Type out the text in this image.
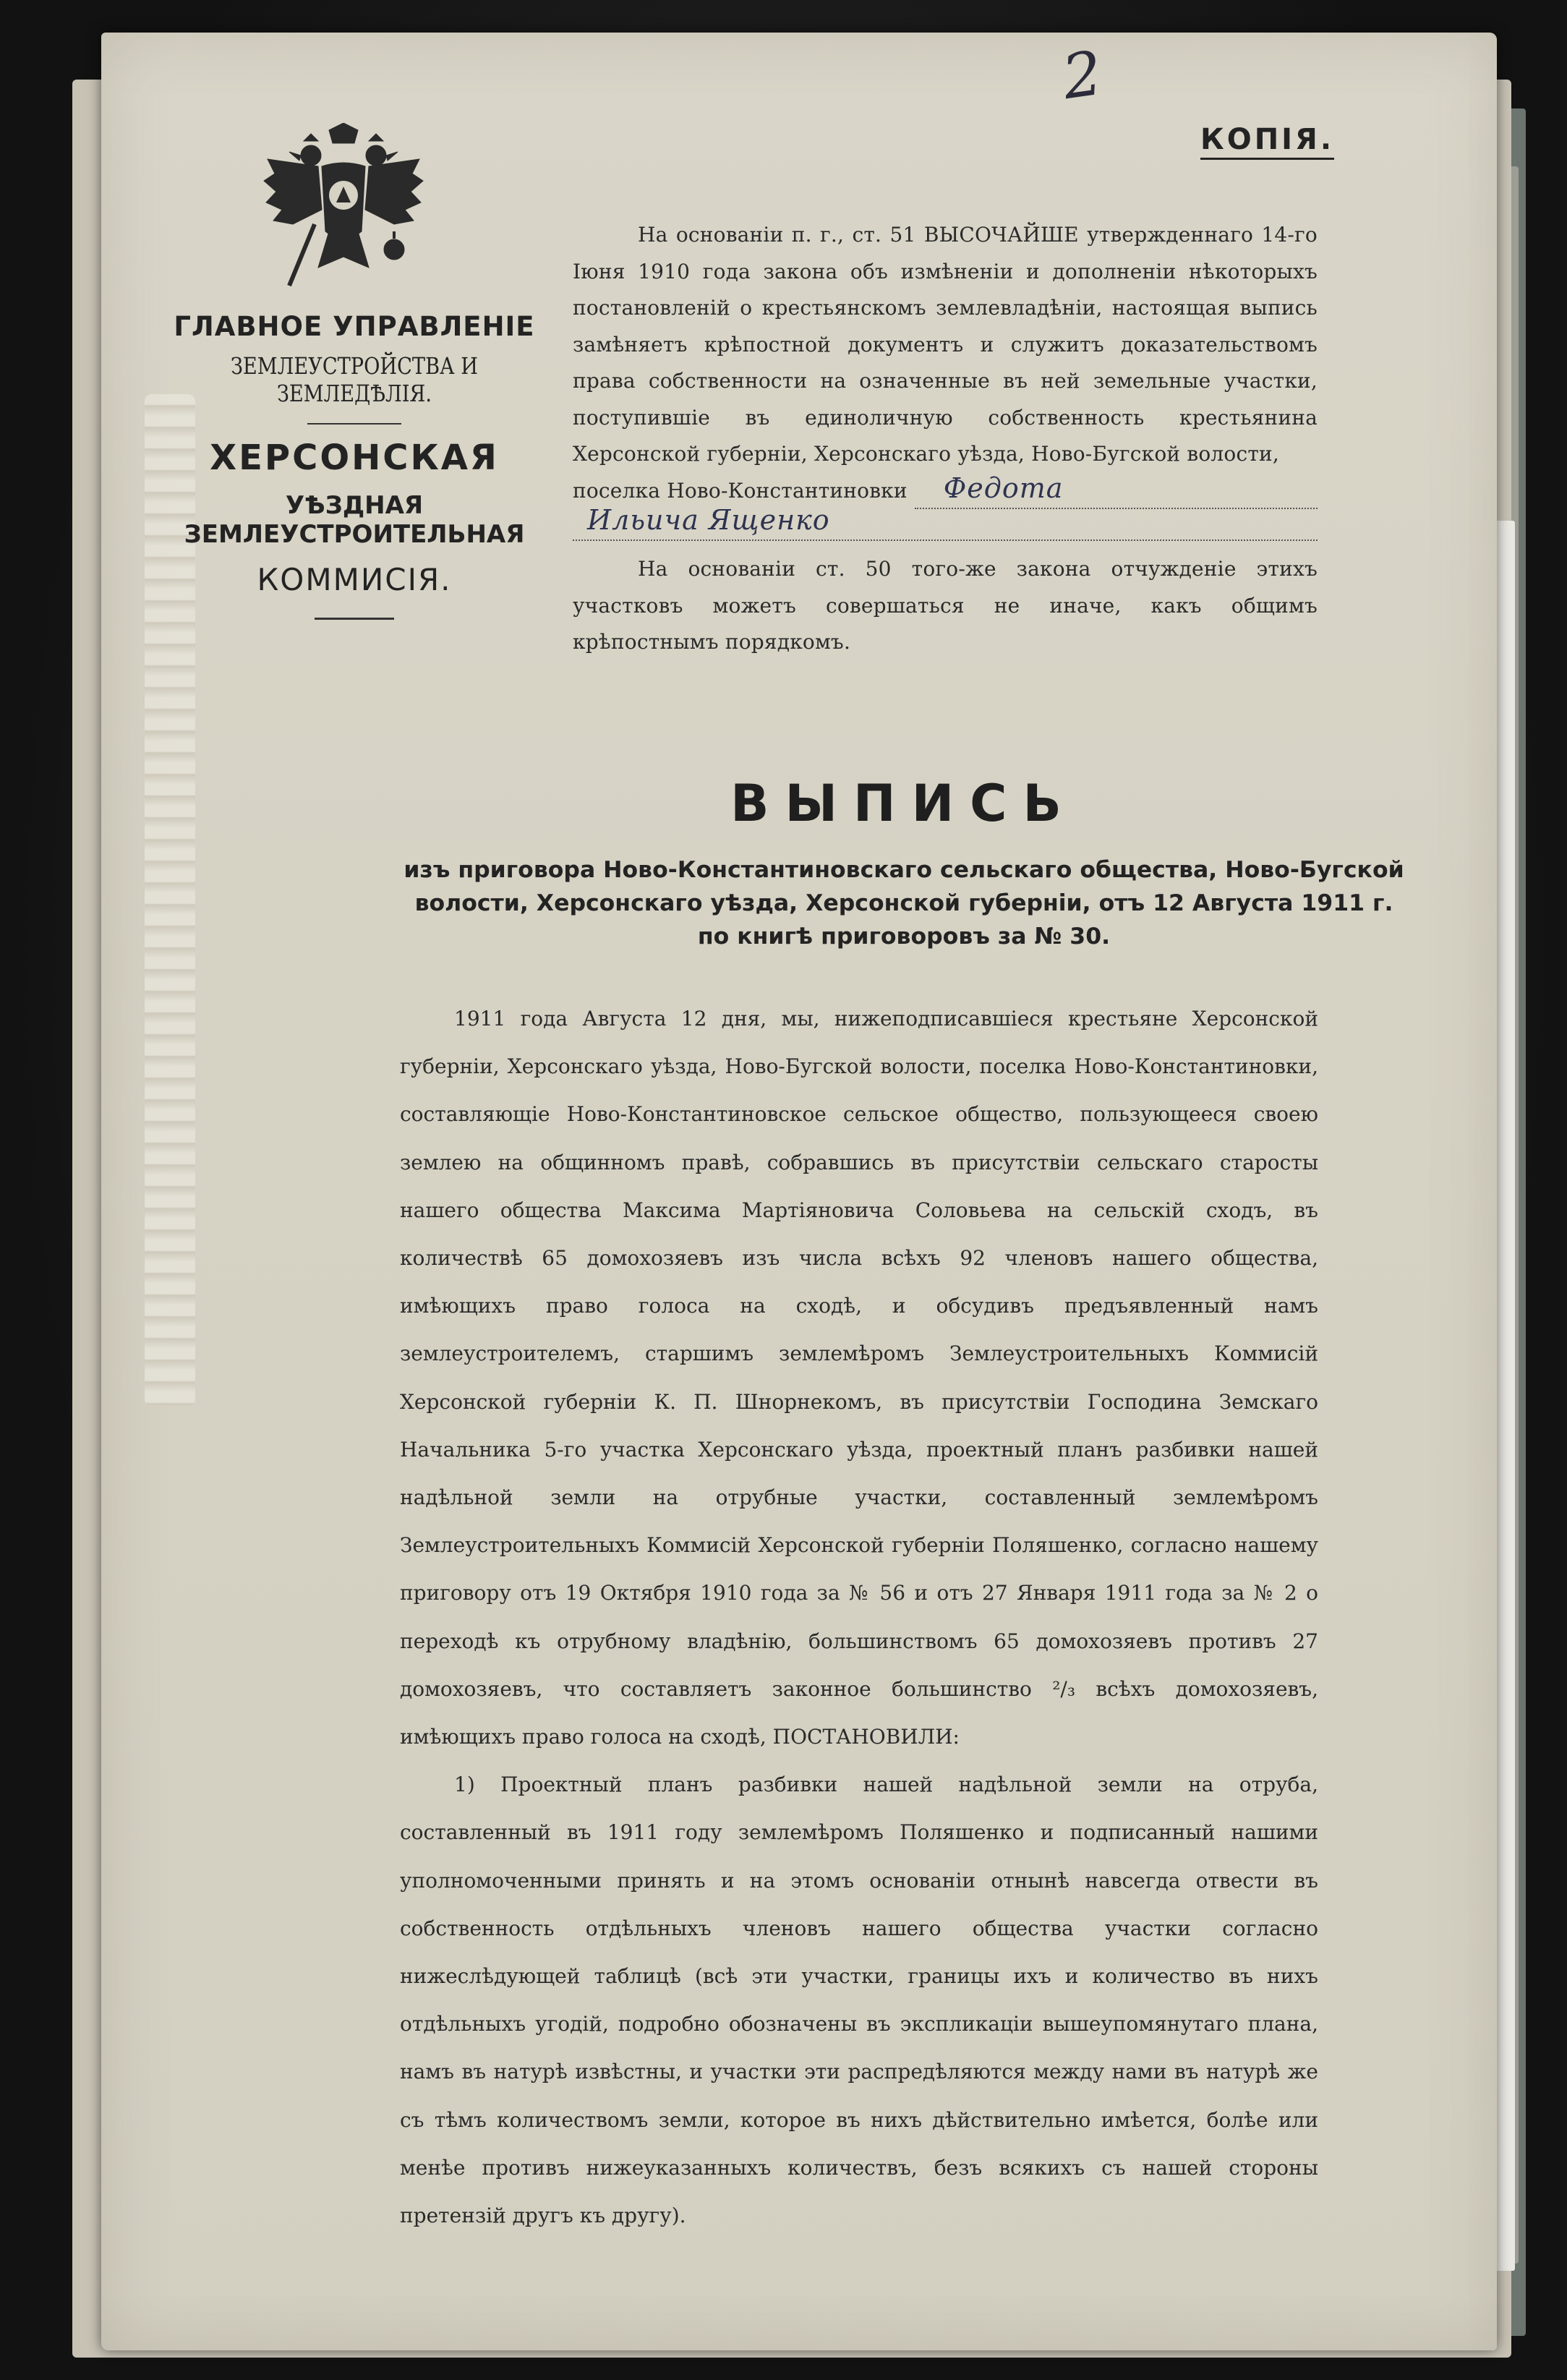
2
КОПІЯ.
ГЛАВНОЕ УПРАВЛЕНІЕ
ЗЕМЛЕУСТРОЙСТВА И ЗЕМЛЕДѢЛІЯ.
ХЕРСОНСКАЯ
УѢЗДНАЯ ЗЕМЛЕУСТРОИТЕЛЬНАЯ
КОММИСІЯ.

На основаніи п. г., ст. 51 ВЫСОЧАЙШЕ утвержденнаго 14-го Іюня 1910 года закона объ измѣненіи и дополненіи нѣкоторыхъ постановленій о крестьянскомъ землевладѣніи, настоящая выпись замѣняетъ крѣпостной документъ и служитъ доказательствомъ права собственности на означенные въ ней земельные участки, поступившіе въ единоличную собственность крестьянина Херсонской губерніи, Херсонскаго уѣзда, Ново-Бугской волости,

поселка Ново-Константиновки Федота
Ильича Ященко

На основаніи ст. 50 того-же закона отчужденіе этихъ участковъ можетъ совершаться не иначе, какъ общимъ крѣпостнымъ порядкомъ.

ВЫПИСЬ
изъ приговора Ново-Константиновскаго сельскаго общества, Ново-Бугской
волости, Херсонскаго уѣзда, Херсонской губерніи, отъ 12 Августа 1911 г.
по книгѣ приговоровъ за № 30.

1911 года Августа 12 дня, мы, нижеподписавшіеся крестьяне Херсонской губерніи, Херсонскаго уѣзда, Ново-Бугской волости, поселка Ново-Константиновки, составляющіе Ново-Константиновское сельское общество, пользующееся своею землею на общинномъ правѣ, собравшись въ присутствіи сельскаго старосты нашего общества Максима Мартіяновича Соловьева на сельскій сходъ, въ количествѣ 65 домохозяевъ изъ числа всѣхъ 92 членовъ нашего общества, имѣющихъ право голоса на сходѣ, и обсудивъ предъявленный намъ землеустроителемъ, старшимъ землемѣромъ Землеустроительныхъ Коммисій Херсонской губерніи К. П. Шнорнекомъ, въ присутствіи Господина Земскаго Начальника 5-го участка Херсонскаго уѣзда, проектный планъ разбивки нашей надѣльной земли на отрубные участки, составленный землемѣромъ Землеустроительныхъ Коммисій Херсонской губерніи Поляшенко, согласно нашему приговору отъ 19 Октября 1910 года за № 56 и отъ 27 Января 1911 года за № 2 о переходѣ къ отрубному владѣнію, большинствомъ 65 домохозяевъ противъ 27 домохозяевъ, что составляетъ законное большинство ²/₃ всѣхъ домохозяевъ, имѣющихъ право голоса на сходѣ, ПОСТАНОВИЛИ:

1) Проектный планъ разбивки нашей надѣльной земли на отруба, составленный въ 1911 году землемѣромъ Поляшенко и подписанный нашими уполномоченными принять и на этомъ основаніи отнынѣ навсегда отвести въ собственность отдѣльныхъ членовъ нашего общества участки согласно нижеслѣдующей таблицѣ (всѣ эти участки, границы ихъ и количество въ нихъ отдѣльныхъ угодій, подробно обозначены въ экспликаціи вышеупомянутаго плана, намъ въ натурѣ извѣстны, и участки эти распредѣляются между нами въ натурѣ же съ тѣмъ количествомъ земли, которое въ нихъ дѣйствительно имѣется, болѣе или менѣе противъ нижеуказанныхъ количествъ, безъ всякихъ съ нашей стороны претензій другъ къ другу).
